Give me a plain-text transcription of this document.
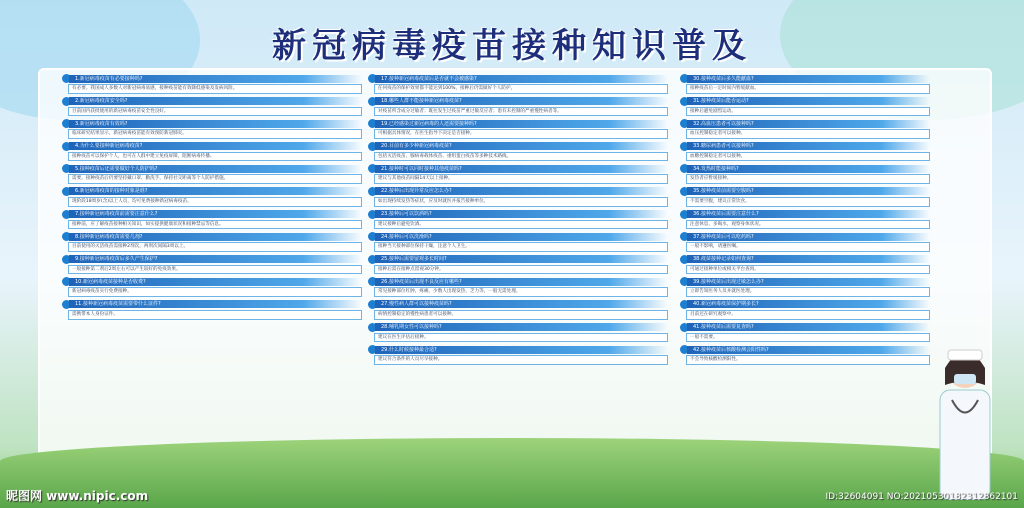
新冠病毒疫苗接种知识普及
1.新冠病毒疫苗有必要接种吗?
有必要。我国成人多数人对新冠病毒易感，接种疫苗能有效降低感染及发病风险。
2.新冠病毒疫苗安全吗?
目前国内获批使用的新冠病毒疫苗安全性良好。
3.新冠病毒疫苗有效吗?
临床研究结果显示，新冠病毒疫苗能有效预防新冠肺炎。
4.为什么要接种新冠病毒疫苗?
接种疫苗可以保护个人，也可在人群中建立免疫屏障，阻断病毒传播。
5.接种疫苗后还需要做好个人防护吗?
需要。接种疫苗后仍要坚持戴口罩、勤洗手、保持社交距离等个人防护措施。
6.新冠病毒疫苗的接种对象是谁?
现阶段18周岁(含)以上人员，均可免费接种新冠病毒疫苗。
7.接种新冠病毒疫苗前需要注意什么?
接种前，应了解疫苗接种相关知识，如实提供健康状况和接种禁忌等信息。
8.接种新冠病毒疫苗需要几剂?
目前使用的灭活疫苗需接种2剂次，两剂次间隔3周以上。
9.接种新冠病毒疫苗后多久产生保护?
一般接种第二剂后2周左右可以产生较好的免疫效果。
10.新冠病毒疫苗接种是否收费?
新冠病毒疫苗实行免费接种。
11.接种新冠病毒疫苗需要带什么证件?
需携带本人身份证件。
17.接种新冠病毒疫苗后是否就不会被感染?
任何疫苗的保护效果都不能达到100%，接种后仍需做好个人防护。
18.哪些人群不能接种新冠病毒疫苗?
对疫苗所含成分过敏者；既往发生过疫苗严重过敏反应者；患有未控制的严重慢性病者等。
19.已经感染过新冠病毒的人还需要接种吗?
可根据具体情况，在医生指导下决定是否接种。
20.目前有多少种新冠病毒疫苗?
包括灭活疫苗、腺病毒载体疫苗、重组蛋白疫苗等多种技术路线。
21.接种时可以同时接种其他疫苗吗?
建议与其他疫苗间隔14天以上接种。
22.接种后出现异常反应怎么办?
如出现持续发热等症状，应及时就医并报告接种单位。
23.接种后可以饮酒吗?
建议接种后避免饮酒。
24.接种后可以洗澡吗?
接种当天接种部位保持干燥，注意个人卫生。
25.接种后需要留观多长时间?
接种后需在接种点留观30分钟。
26.接种疫苗后出现不良反应有哪些?
常见接种部位红肿、疼痛，少数人出现发热、乏力等，一般无需处理。
27.慢性病人群可以接种疫苗吗?
病情控制稳定的慢性病患者可以接种。
28.哺乳期女性可以接种吗?
建议在医生评估后接种。
29.什么时候接种最合适?
建议符合条件的人员尽早接种。
30.接种疫苗后多久能献血?
接种疫苗后一定时间内暂缓献血。
31.接种疫苗后能否运动?
接种后避免剧烈运动。
32.高血压患者可以接种吗?
血压控制稳定者可以接种。
33.糖尿病患者可以接种吗?
血糖控制稳定者可以接种。
34.发热时能接种吗?
发热者应暂缓接种。
35.接种疫苗前需要空腹吗?
不需要空腹，建议正常饮食。
36.接种疫苗后需要注意什么?
注意休息，多喝水，观察身体状况。
37.接种疫苗后可以吃药吗?
一般不影响，请遵医嘱。
38.疫苗接种记录如何查询?
可通过接种单位或相关平台查询。
39.接种疫苗后出现过敏怎么办?
立即告知医务人员并就医处理。
40.新冠病毒疫苗保护期多长?
目前还在研究观察中。
41.接种疫苗后需要复查吗?
一般不需要。
42.接种疫苗后核酸检测会阳性吗?
不会导致核酸检测阳性。
昵图网 www.nipic.com	ID:32604091 NO:20210530182312862101
